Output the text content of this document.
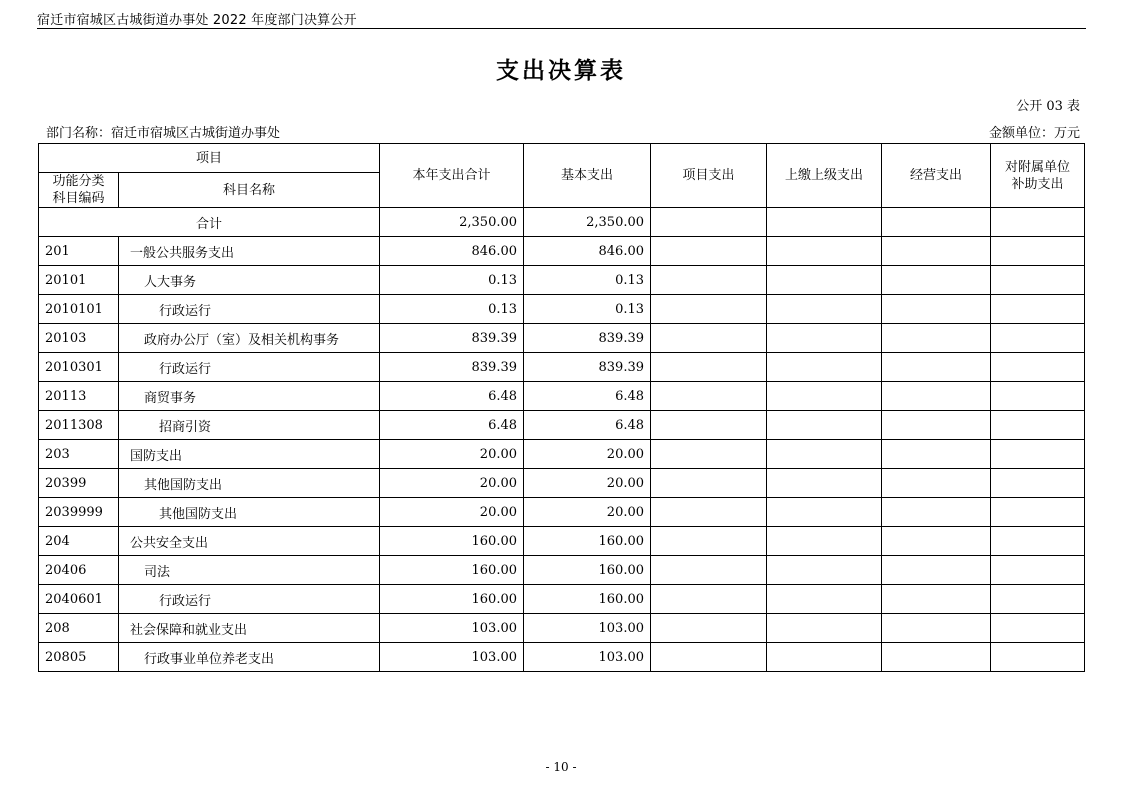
宿迁市宿城区古城街道办事处 2022 年度部门决算公开
支出决算表
公开 03 表
部门名称：宿迁市宿城区古城街道办事处	金额单位：万元
项目		本年支出合计	基本支出	项目支出	上缴上级支出	经营支出	对附属单位
补助支出
功能分类
科目编码	科目名称						
合计		2,350.00	2,350.00				
201	一般公共服务支出	846.00	846.00				
20101	人大事务	0.13	0.13				
2010101	行政运行	0.13	0.13				
20103	政府办公厅（室）及相关机构事务	839.39	839.39				
2010301	行政运行	839.39	839.39				
20113	商贸事务	6.48	6.48				
2011308	招商引资	6.48	6.48				
203	国防支出	20.00	20.00				
20399	其他国防支出	20.00	20.00				
2039999	其他国防支出	20.00	20.00				
204	公共安全支出	160.00	160.00				
20406	司法	160.00	160.00				
2040601	行政运行	160.00	160.00				
208	社会保障和就业支出	103.00	103.00				
20805	行政事业单位养老支出	103.00	103.00				
- 10 -
